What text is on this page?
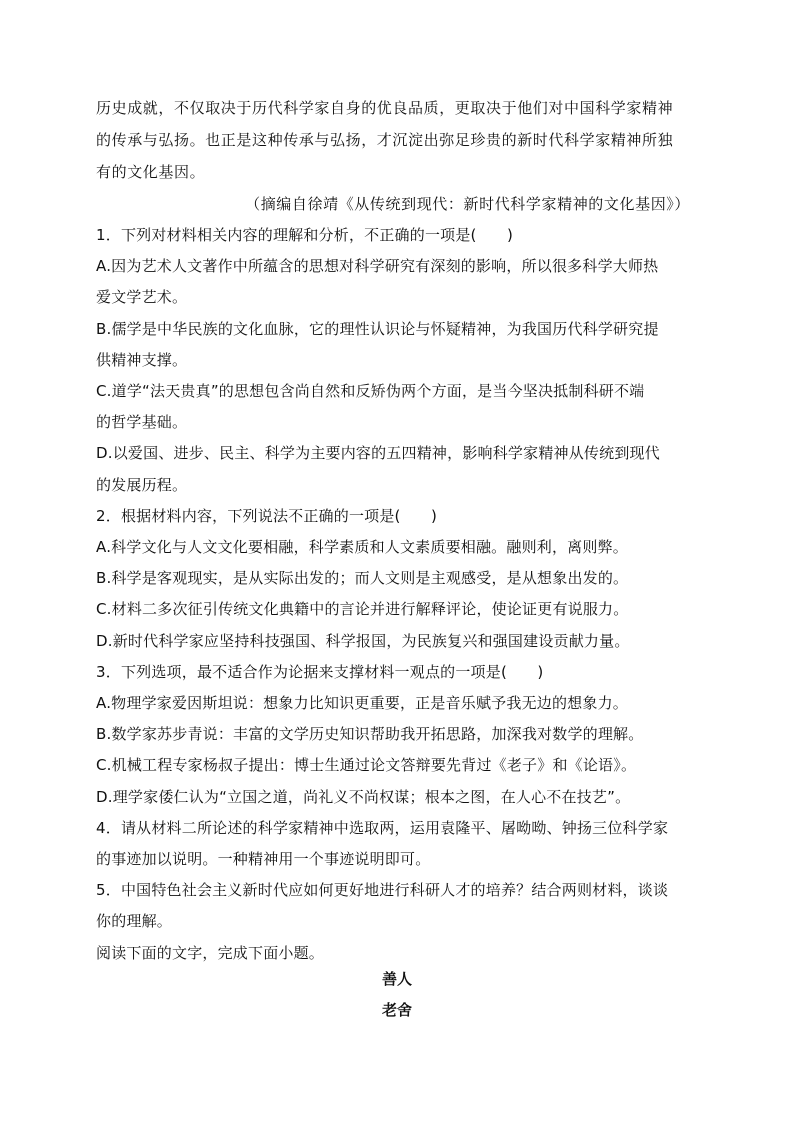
历史成就，不仅取决于历代科学家自身的优良品质，更取决于他们对中国科学家精神

的传承与弘扬。也正是这种传承与弘扬，才沉淀出弥足珍贵的新时代科学家精神所独

有的文化基因。

（摘编自徐靖《从传统到现代：新时代科学家精神的文化基因》）

1．下列对材料相关内容的理解和分析，不正确的一项是(　　)

A.因为艺术人文著作中所蕴含的思想对科学研究有深刻的影响，所以很多科学大师热

爱文学艺术。

B.儒学是中华民族的文化血脉，它的理性认识论与怀疑精神，为我国历代科学研究提

供精神支撑。

C.道学“法天贵真”的思想包含尚自然和反矫伪两个方面，是当今坚决抵制科研不端

的哲学基础。

D.以爱国、进步、民主、科学为主要内容的五四精神，影响科学家精神从传统到现代

的发展历程。

2．根据材料内容，下列说法不正确的一项是(　　)

A.科学文化与人文文化要相融，科学素质和人文素质要相融。融则利，离则弊。

B.科学是客观现实，是从实际出发的；而人文则是主观感受，是从想象出发的。

C.材料二多次征引传统文化典籍中的言论并进行解释评论，使论证更有说服力。

D.新时代科学家应坚持科技强国、科学报国，为民族复兴和强国建设贡献力量。

3．下列选项，最不适合作为论据来支撑材料一观点的一项是(　　)

A.物理学家爱因斯坦说：想象力比知识更重要，正是音乐赋予我无边的想象力。

B.数学家苏步青说：丰富的文学历史知识帮助我开拓思路，加深我对数学的理解。

C.机械工程专家杨叔子提出：博士生通过论文答辩要先背过《老子》和《论语》。

D.理学家倭仁认为“立国之道，尚礼义不尚权谋；根本之图，在人心不在技艺”。

4．请从材料二所论述的科学家精神中选取两，运用袁隆平、屠呦呦、钟扬三位科学家

的事迹加以说明。一种精神用一个事迹说明即可。

5．中国特色社会主义新时代应如何更好地进行科研人才的培养？结合两则材料，谈谈

你的理解。

阅读下面的文字，完成下面小题。

善人
老舍
